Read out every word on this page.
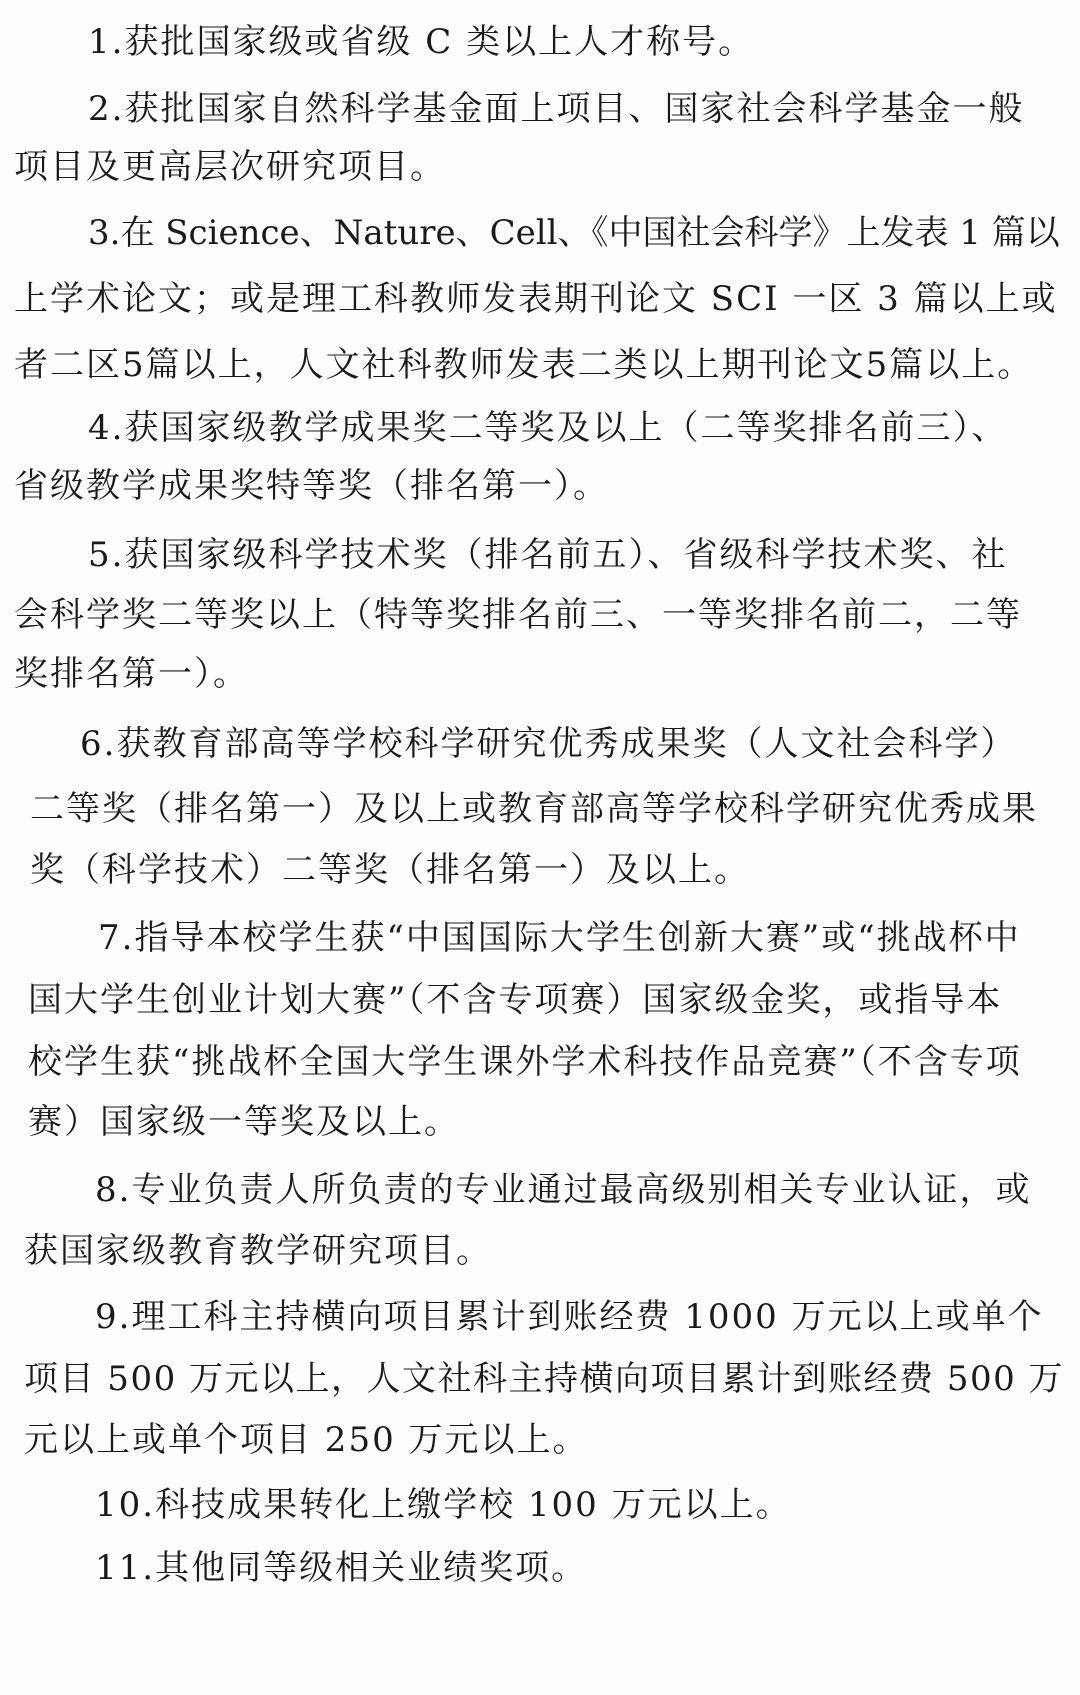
1.获批国家级或省级 C 类以上人才称号。
2.获批国家自然科学基金面上项目、国家社会科学基金一般
项目及更高层次研究项目。
3.在 Science、Nature、Cell、《中国社会科学》上发表 1 篇以
上学术论文；或是理工科教师发表期刊论文 SCI 一区 3 篇以上或
者二区5篇以上，人文社科教师发表二类以上期刊论文5篇以上。
4.获国家级教学成果奖二等奖及以上（二等奖排名前三）、
省级教学成果奖特等奖（排名第一）。
5.获国家级科学技术奖（排名前五）、省级科学技术奖、社
会科学奖二等奖以上（特等奖排名前三、一等奖排名前二，二等
奖排名第一）。
6.获教育部高等学校科学研究优秀成果奖（人文社会科学）
二等奖（排名第一）及以上或教育部高等学校科学研究优秀成果
奖（科学技术）二等奖（排名第一）及以上。
7.指导本校学生获“中国国际大学生创新大赛”或“挑战杯中
国大学生创业计划大赛”（不含专项赛）国家级金奖，或指导本
校学生获“挑战杯全国大学生课外学术科技作品竞赛”（不含专项
赛）国家级一等奖及以上。
8.专业负责人所负责的专业通过最高级别相关专业认证，或
获国家级教育教学研究项目。
9.理工科主持横向项目累计到账经费 1000 万元以上或单个
项目 500 万元以上，人文社科主持横向项目累计到账经费 500 万
元以上或单个项目 250 万元以上。
10.科技成果转化上缴学校 100 万元以上。
11.其他同等级相关业绩奖项。
